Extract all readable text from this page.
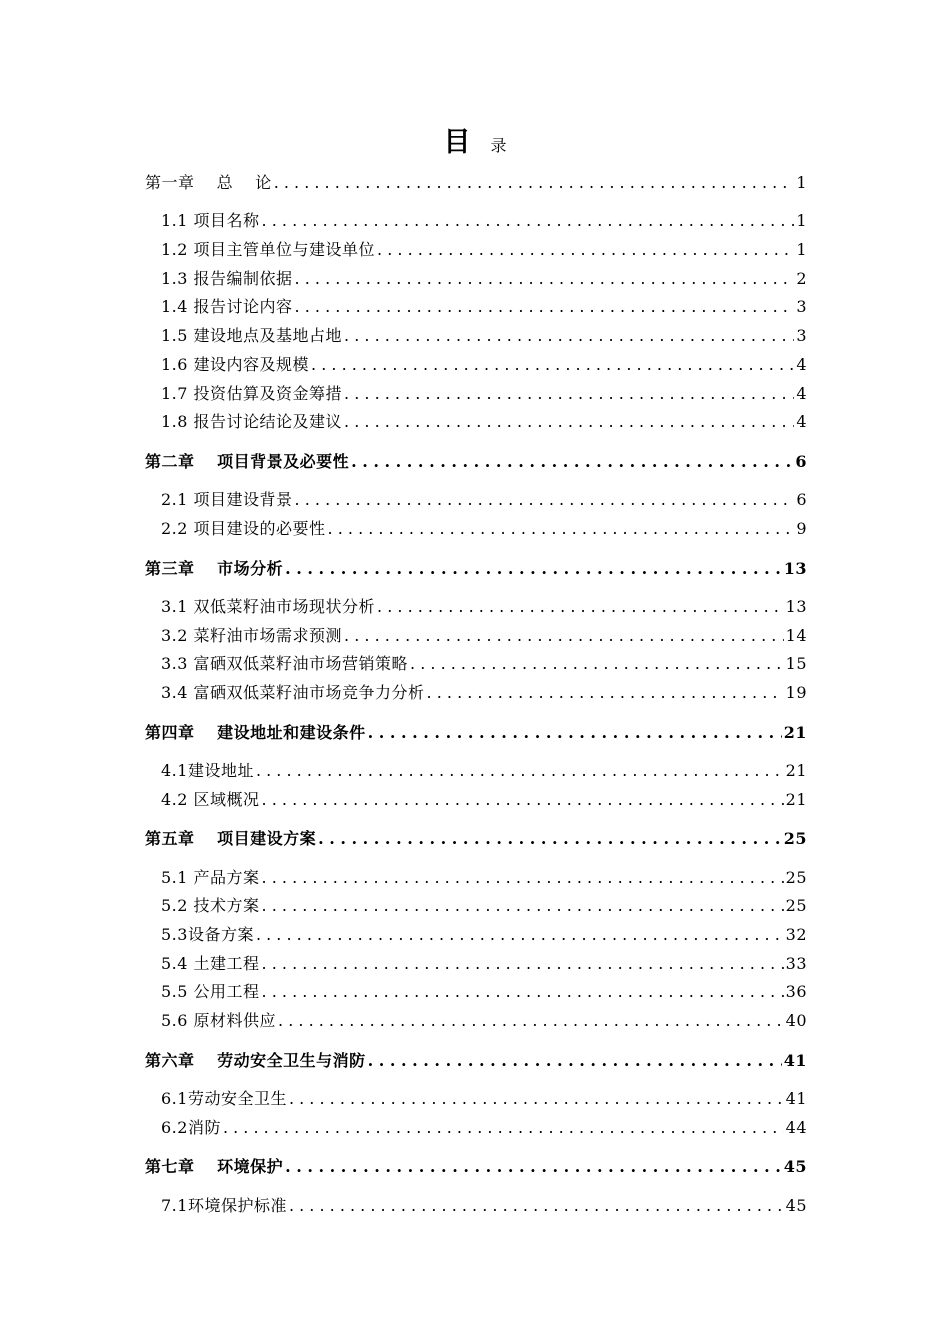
目 录
第一章　 总　 论 . . .	1
1.1 项目名称 . . .	1
1.2 项目主管单位与建设单位 . . .	1
1.3 报告编制依据 . . .	2
1.4 报告讨论内容 . . .	3
1.5 建设地点及基地占地 . . .	3
1.6 建设内容及规模 . . .	4
1.7 投资估算及资金筹措 . . .	4
1.8 报告讨论结论及建议 . . .	4
第二章　 项目背景及必要性 . . .	6
2.1 项目建设背景 . . .	6
2.2 项目建设的必要性 . . .	9
第三章　 市场分析 . . .	13
3.1 双低菜籽油市场现状分析 . . .	13
3.2 菜籽油市场需求预测 . . .	14
3.3 富硒双低菜籽油市场营销策略 . . .	15
3.4 富硒双低菜籽油市场竞争力分析 . . .	19
第四章　 建设地址和建设条件 . . .	21
4.1建设地址 . . .	21
4.2 区域概况 . . .	21
第五章　 项目建设方案 . . .	25
5.1 产品方案 . . .	25
5.2 技术方案 . . .	25
5.3设备方案 . . .	32
5.4 土建工程 . . .	33
5.5 公用工程 . . .	36
5.6 原材料供应 . . .	40
第六章　 劳动安全卫生与消防 . . .	41
6.1劳动安全卫生 . . .	41
6.2消防 . . .	44
第七章　 环境保护 . . .	45
7.1环境保护标准 . . .	45
